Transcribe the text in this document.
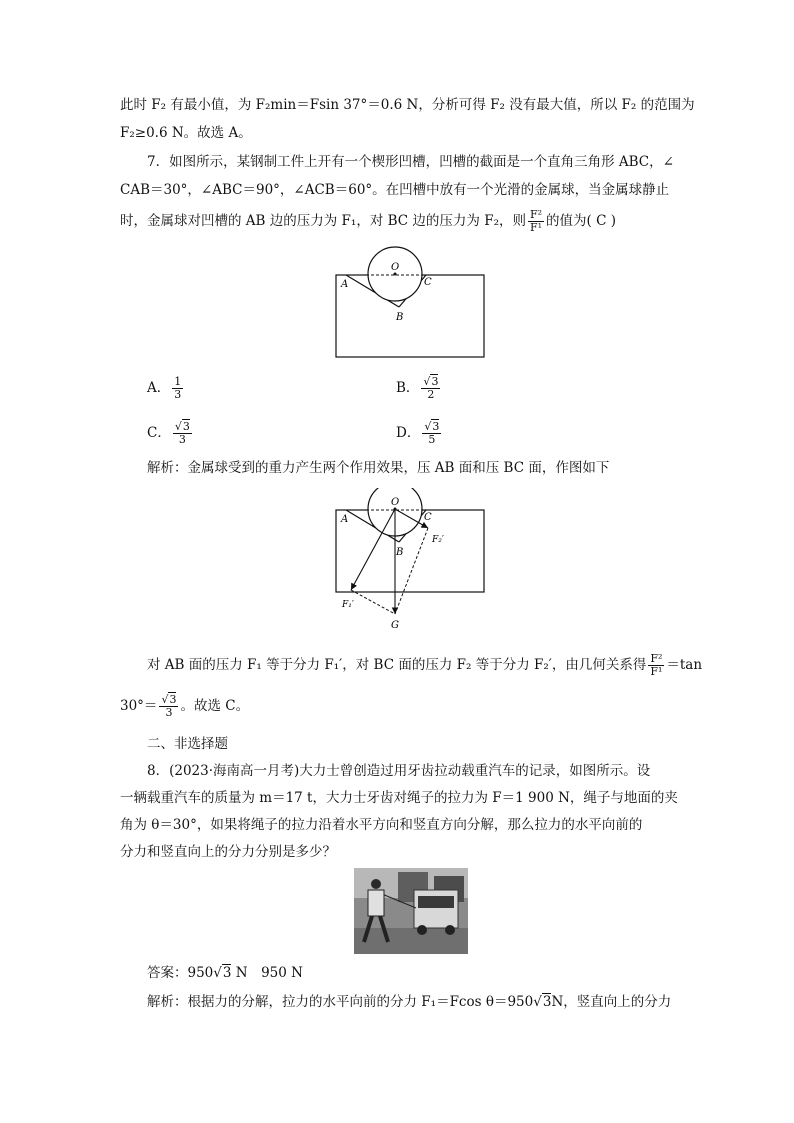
此时 F₂ 有最小值，为 F₂min＝Fsin 37°＝0.6 N，分析可得 F₂ 没有最大值，所以 F₂ 的范围为
F₂≥0.6 N。故选 A。
7．如图所示，某钢制工件上开有一个楔形凹槽，凹槽的截面是一个直角三角形 ABC，∠
CAB＝30°，∠ABC＝90°，∠ACB＝60°。在凹槽中放有一个光滑的金属球，当金属球静止
时，金属球对凹槽的 AB 边的压力为 F₁，对 BC 边的压力为 F₂，则 $\frac{\text{F²}}{\text{F¹}}$ 的值为( C )
O
A
B
C
A． $\frac{1}{3}$	B． $\frac{√3}{2}$
C． $\frac{√3}{3}$	D． $\frac{√3}{5}$
解析：金属球受到的重力产生两个作用效果，压 AB 面和压 BC 面，作图如下
O
A
B
C
F₁′
F₂′
G
对 AB 面的压力 F₁ 等于分力 F₁′，对 BC 面的压力 F₂ 等于分力 F₂′，由几何关系得 $\frac{\text{F²}}{\text{F¹}} =\tan$
$30^\circ= \frac{√3}{3}$ 。故选 C。
二、非选择题
8．(2023·海南高一月考)大力士曾创造过用牙齿拉动载重汽车的记录，如图所示。设
一辆载重汽车的质量为 m＝17 t，大力士牙齿对绳子的拉力为 F＝1 900 N，绳子与地面的夹
角为 θ＝30°，如果将绳子的拉力沿着水平方向和竖直方向分解，那么拉力的水平向前的
分力和竖直向上的分力分别是多少？
答案：950√3 N　950 N
解析：根据力的分解，拉力的水平向前的分力 F₁＝Fcos θ＝950√3N，竖直向上的分力
